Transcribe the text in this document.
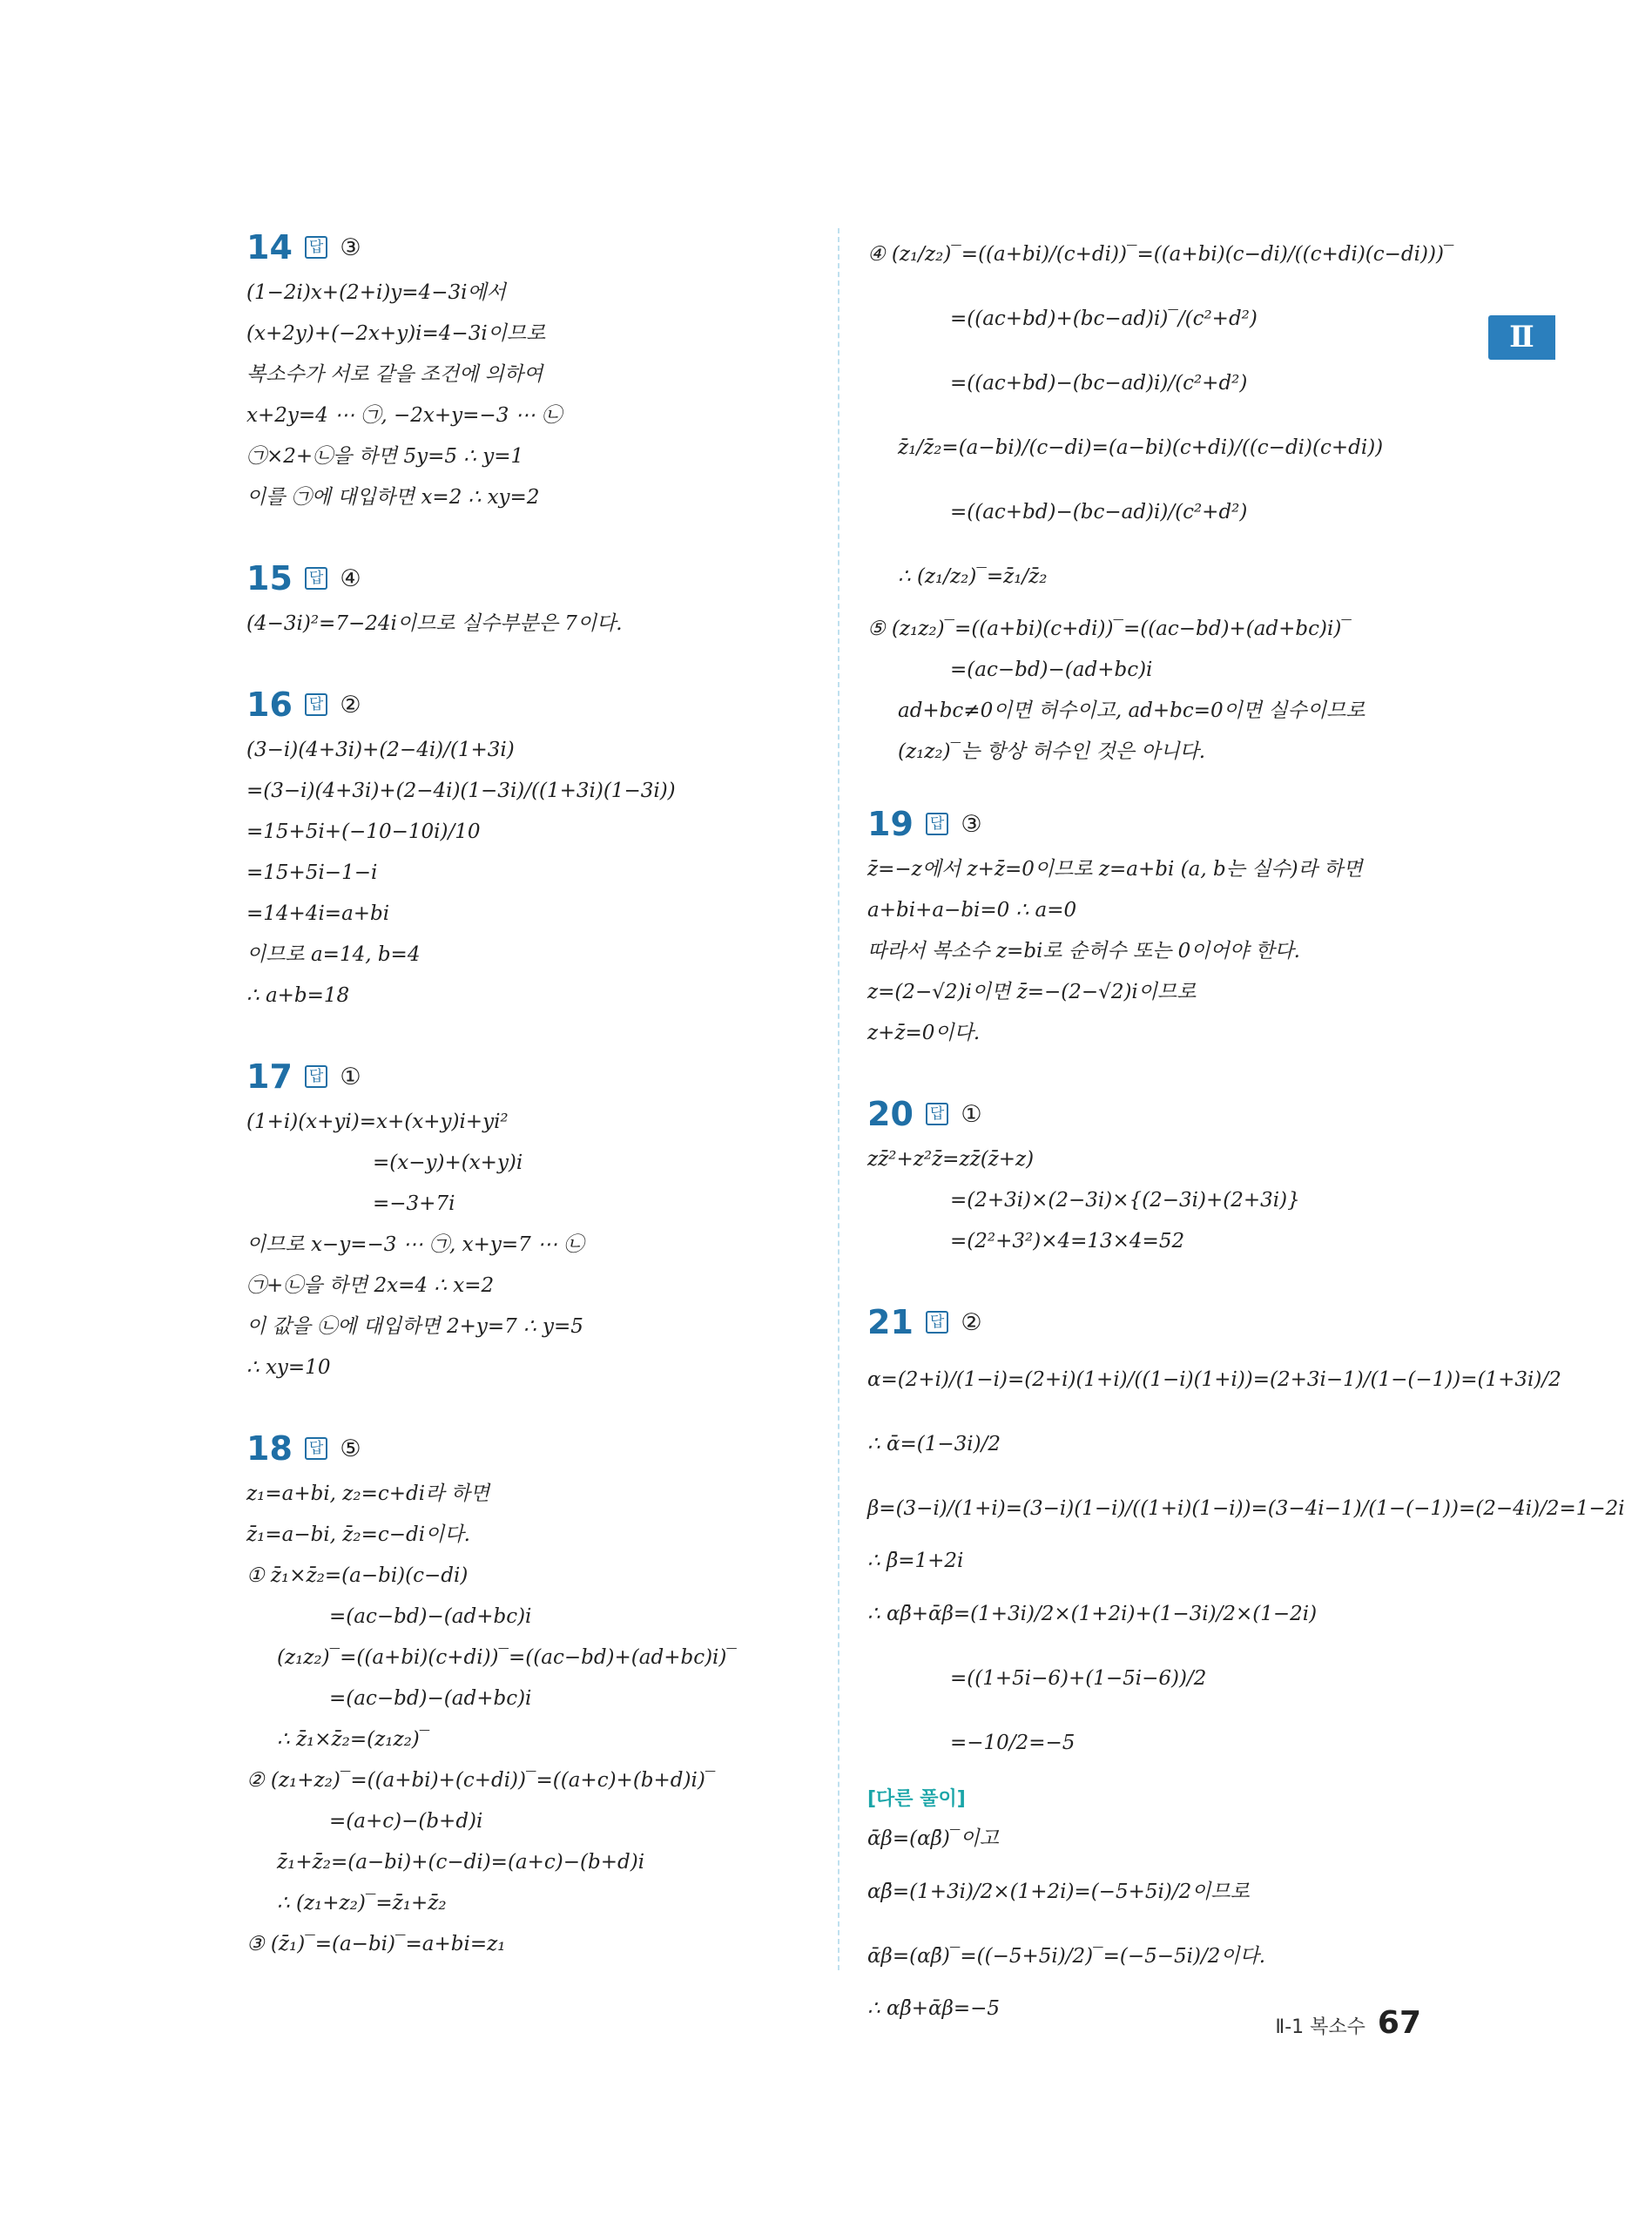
Ⅱ
14 답 ③
(1−2i)x+(2+i)y=4−3i에서
(x+2y)+(−2x+y)i=4−3i이므로
복소수가 서로 같을 조건에 의하여
x+2y=4 ⋯ ㉠, −2x+y=−3 ⋯ ㉡
㉠×2+㉡을 하면 5y=5 ∴ y=1
이를 ㉠에 대입하면 x=2 ∴ xy=2
15 답 ④
(4−3i)²=7−24i이므로 실수부분은 7이다.
16 답 ②
(3−i)(4+3i)+(2−4i)/(1+3i)
=(3−i)(4+3i)+(2−4i)(1−3i)/((1+3i)(1−3i))
=15+5i+(−10−10i)/10
=15+5i−1−i
=14+4i=a+bi
이므로 a=14, b=4
∴ a+b=18
17 답 ①
(1+i)(x+yi)=x+(x+y)i+yi²
=(x−y)+(x+y)i
=−3+7i
이므로 x−y=−3 ⋯ ㉠, x+y=7 ⋯ ㉡
㉠+㉡을 하면 2x=4 ∴ x=2
이 값을 ㉡에 대입하면 2+y=7 ∴ y=5
∴ xy=10
18 답 ⑤
z₁=a+bi, z₂=c+di라 하면
z̄₁=a−bi, z̄₂=c−di이다.
① z̄₁×z̄₂=(a−bi)(c−di)
=(ac−bd)−(ad+bc)i
(z₁z₂)‾=((a+bi)(c+di))‾=((ac−bd)+(ad+bc)i)‾
=(ac−bd)−(ad+bc)i
∴ z̄₁×z̄₂=(z₁z₂)‾
② (z₁+z₂)‾=((a+bi)+(c+di))‾=((a+c)+(b+d)i)‾
=(a+c)−(b+d)i
z̄₁+z̄₂=(a−bi)+(c−di)=(a+c)−(b+d)i
∴ (z₁+z₂)‾=z̄₁+z̄₂
③ (z̄₁)‾=(a−bi)‾=a+bi=z₁
④ (z₁/z₂)‾=((a+bi)/(c+di))‾=((a+bi)(c−di)/((c+di)(c−di)))‾
=((ac+bd)+(bc−ad)i)‾/(c²+d²)
=((ac+bd)−(bc−ad)i)/(c²+d²)
z̄₁/z̄₂=(a−bi)/(c−di)=(a−bi)(c+di)/((c−di)(c+di))
=((ac+bd)−(bc−ad)i)/(c²+d²)
∴ (z₁/z₂)‾=z̄₁/z̄₂
⑤ (z₁z₂)‾=((a+bi)(c+di))‾=((ac−bd)+(ad+bc)i)‾
=(ac−bd)−(ad+bc)i
ad+bc≠0이면 허수이고, ad+bc=0이면 실수이므로
(z₁z₂)‾는 항상 허수인 것은 아니다.
19 답 ③
z̄=−z에서 z+z̄=0이므로 z=a+bi (a, b는 실수)라 하면
a+bi+a−bi=0 ∴ a=0
따라서 복소수 z=bi로 순허수 또는 0이어야 한다.
z=(2−√2)i이면 z̄=−(2−√2)i이므로
z+z̄=0이다.
20 답 ①
zz̄²+z²z̄=zz̄(z̄+z)
=(2+3i)×(2−3i)×{(2−3i)+(2+3i)}
=(2²+3²)×4=13×4=52
21 답 ②
α=(2+i)/(1−i)=(2+i)(1+i)/((1−i)(1+i))=(2+3i−1)/(1−(−1))=(1+3i)/2
∴ ᾱ=(1−3i)/2
β=(3−i)/(1+i)=(3−i)(1−i)/((1+i)(1−i))=(3−4i−1)/(1−(−1))=(2−4i)/2=1−2i
∴ β̄=1+2i
∴ αβ̄+ᾱβ=(1+3i)/2×(1+2i)+(1−3i)/2×(1−2i)
=((1+5i−6)+(1−5i−6))/2
=−10/2=−5
[다른 풀이]
ᾱβ=(αβ̄)‾이고
αβ̄=(1+3i)/2×(1+2i)=(−5+5i)/2이므로
ᾱβ=(αβ̄)‾=((−5+5i)/2)‾=(−5−5i)/2이다.
∴ αβ̄+ᾱβ=−5
Ⅱ-1 복소수 67
